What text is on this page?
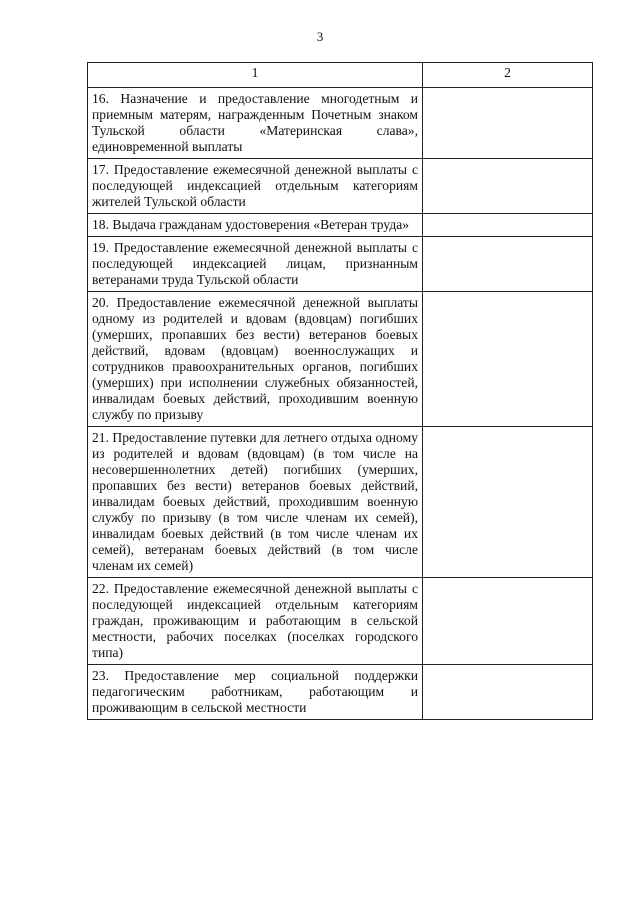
3
1	2
16. Назначение и предоставление многодетным и приемным матерям, награжденным Почетным знаком Тульской области «Материнская слава», единовременной выплаты	
17. Предоставление ежемесячной денежной выплаты с последующей индексацией отдельным категориям жителей Тульской области	
18. Выдача гражданам удостоверения «Ветеран труда»	
19. Предоставление ежемесячной денежной выплаты с последующей индексацией лицам, признанным ветеранами труда Тульской области	
20. Предоставление ежемесячной денежной выплаты одному из родителей и вдовам (вдовцам) погибших (умерших, пропавших без вести) ветеранов боевых действий, вдовам (вдовцам) военнослужащих и сотрудников правоохранительных органов, погибших (умерших) при исполнении служебных обязанностей, инвалидам боевых действий, проходившим военную службу по призыву	
21. Предоставление путевки для летнего отдыха одному из родителей и вдовам (вдовцам) (в том числе на несовершеннолетних детей) погибших (умерших, пропавших без вести) ветеранов боевых действий, инвалидам боевых действий, проходившим военную службу по призыву (в том числе членам их семей), инвалидам боевых действий (в том числе членам их семей), ветеранам боевых действий (в том числе членам их семей)	
22. Предоставление ежемесячной денежной выплаты с последующей индексацией отдельным категориям граждан, проживающим и работающим в сельской местности, рабочих поселках (поселках городского типа)	
23. Предоставление мер социальной поддержки педагогическим работникам, работающим и проживающим в сельской местности	
